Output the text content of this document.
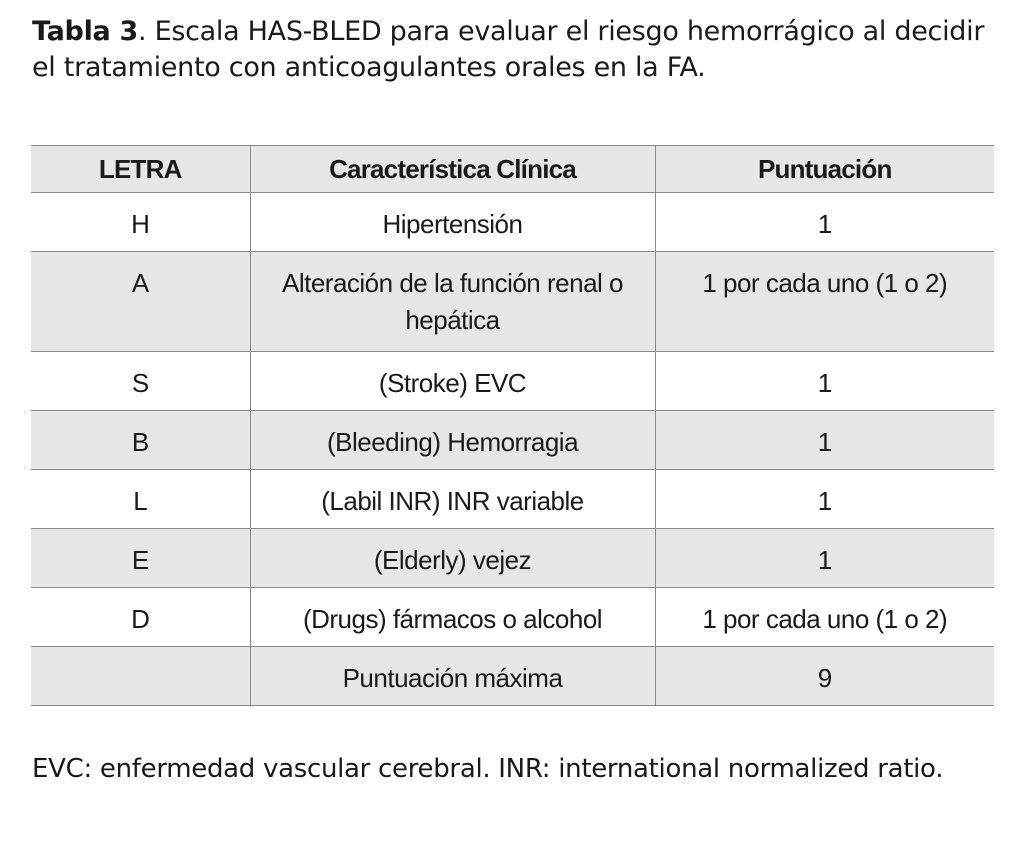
Tabla 3. Escala HAS-BLED para evaluar el riesgo hemorrágico al decidir el tratamiento con anticoagulantes orales en la FA.
LETRA	Característica Clínica	Puntuación
H	Hipertensión	1
A	Alteración de la función renal o hepática	1 por cada uno (1 o 2)
S	(Stroke) EVC	1
B	(Bleeding) Hemorragia	1
L	(Labil INR) INR variable	1
E	(Elderly) vejez	1
D	(Drugs) fármacos o alcohol	1 por cada uno (1 o 2)
	Puntuación máxima	9
EVC: enfermedad vascular cerebral. INR: international normalized ratio.
